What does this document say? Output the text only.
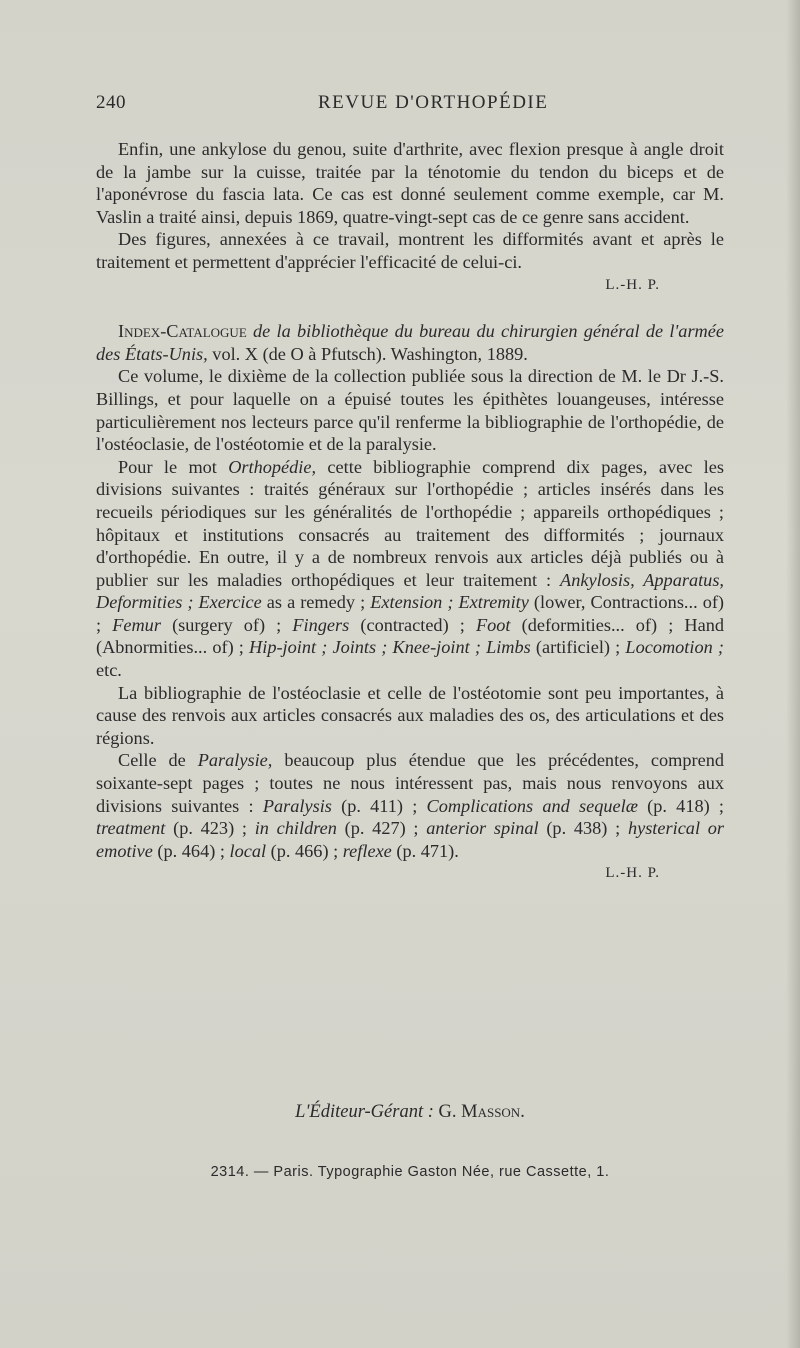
240	REVUE D'ORTHOPÉDIE

Enfin, une ankylose du genou, suite d'arthrite, avec flexion presque à angle droit de la jambe sur la cuisse, traitée par la ténotomie du tendon du biceps et de l'aponévrose du fascia lata. Ce cas est donné seulement comme exemple, car M. Vaslin a traité ainsi, depuis 1869, quatre-vingt-sept cas de ce genre sans accident.

Des figures, annexées à ce travail, montrent les difformités avant et après le traitement et permettent d'apprécier l'efficacité de celui-ci.

L.-H. P.

Index-Catalogue de la bibliothèque du bureau du chirurgien général de l'armée des États-Unis, vol. X (de O à Pfutsch). Washington, 1889.

Ce volume, le dixième de la collection publiée sous la direction de M. le Dr J.-S. Billings, et pour laquelle on a épuisé toutes les épithètes louangeuses, intéresse particulièrement nos lecteurs parce qu'il renferme la bibliographie de l'orthopédie, de l'ostéoclasie, de l'ostéotomie et de la paralysie.

Pour le mot Orthopédie, cette bibliographie comprend dix pages, avec les divisions suivantes : traités généraux sur l'orthopédie ; articles insérés dans les recueils périodiques sur les généralités de l'orthopédie ; appareils orthopédiques ; hôpitaux et institutions consacrés au traitement des difformités ; journaux d'orthopédie. En outre, il y a de nombreux renvois aux articles déjà publiés ou à publier sur les maladies orthopédiques et leur traitement : Ankylosis, Apparatus, Deformities ; Exercice as a remedy ; Extension ; Extremity (lower, Contractions... of) ; Femur (surgery of) ; Fingers (contracted) ; Foot (deformities... of) ; Hand (Abnormities... of) ; Hip-joint ; Joints ; Knee-joint ; Limbs (artificiel) ; Locomotion ; etc.

La bibliographie de l'ostéoclasie et celle de l'ostéotomie sont peu importantes, à cause des renvois aux articles consacrés aux maladies des os, des articulations et des régions.

Celle de Paralysie, beaucoup plus étendue que les précédentes, comprend soixante-sept pages ; toutes ne nous intéressent pas, mais nous renvoyons aux divisions suivantes : Paralysis (p. 411) ; Complications and sequelæ (p. 418) ; treatment (p. 423) ; in children (p. 427) ; anterior spinal (p. 438) ; hysterical or emotive (p. 464) ; local (p. 466) ; reflexe (p. 471).

L.-H. P.

L'Éditeur-Gérant : G. Masson.
2314. — Paris. Typographie Gaston Née, rue Cassette, 1.
